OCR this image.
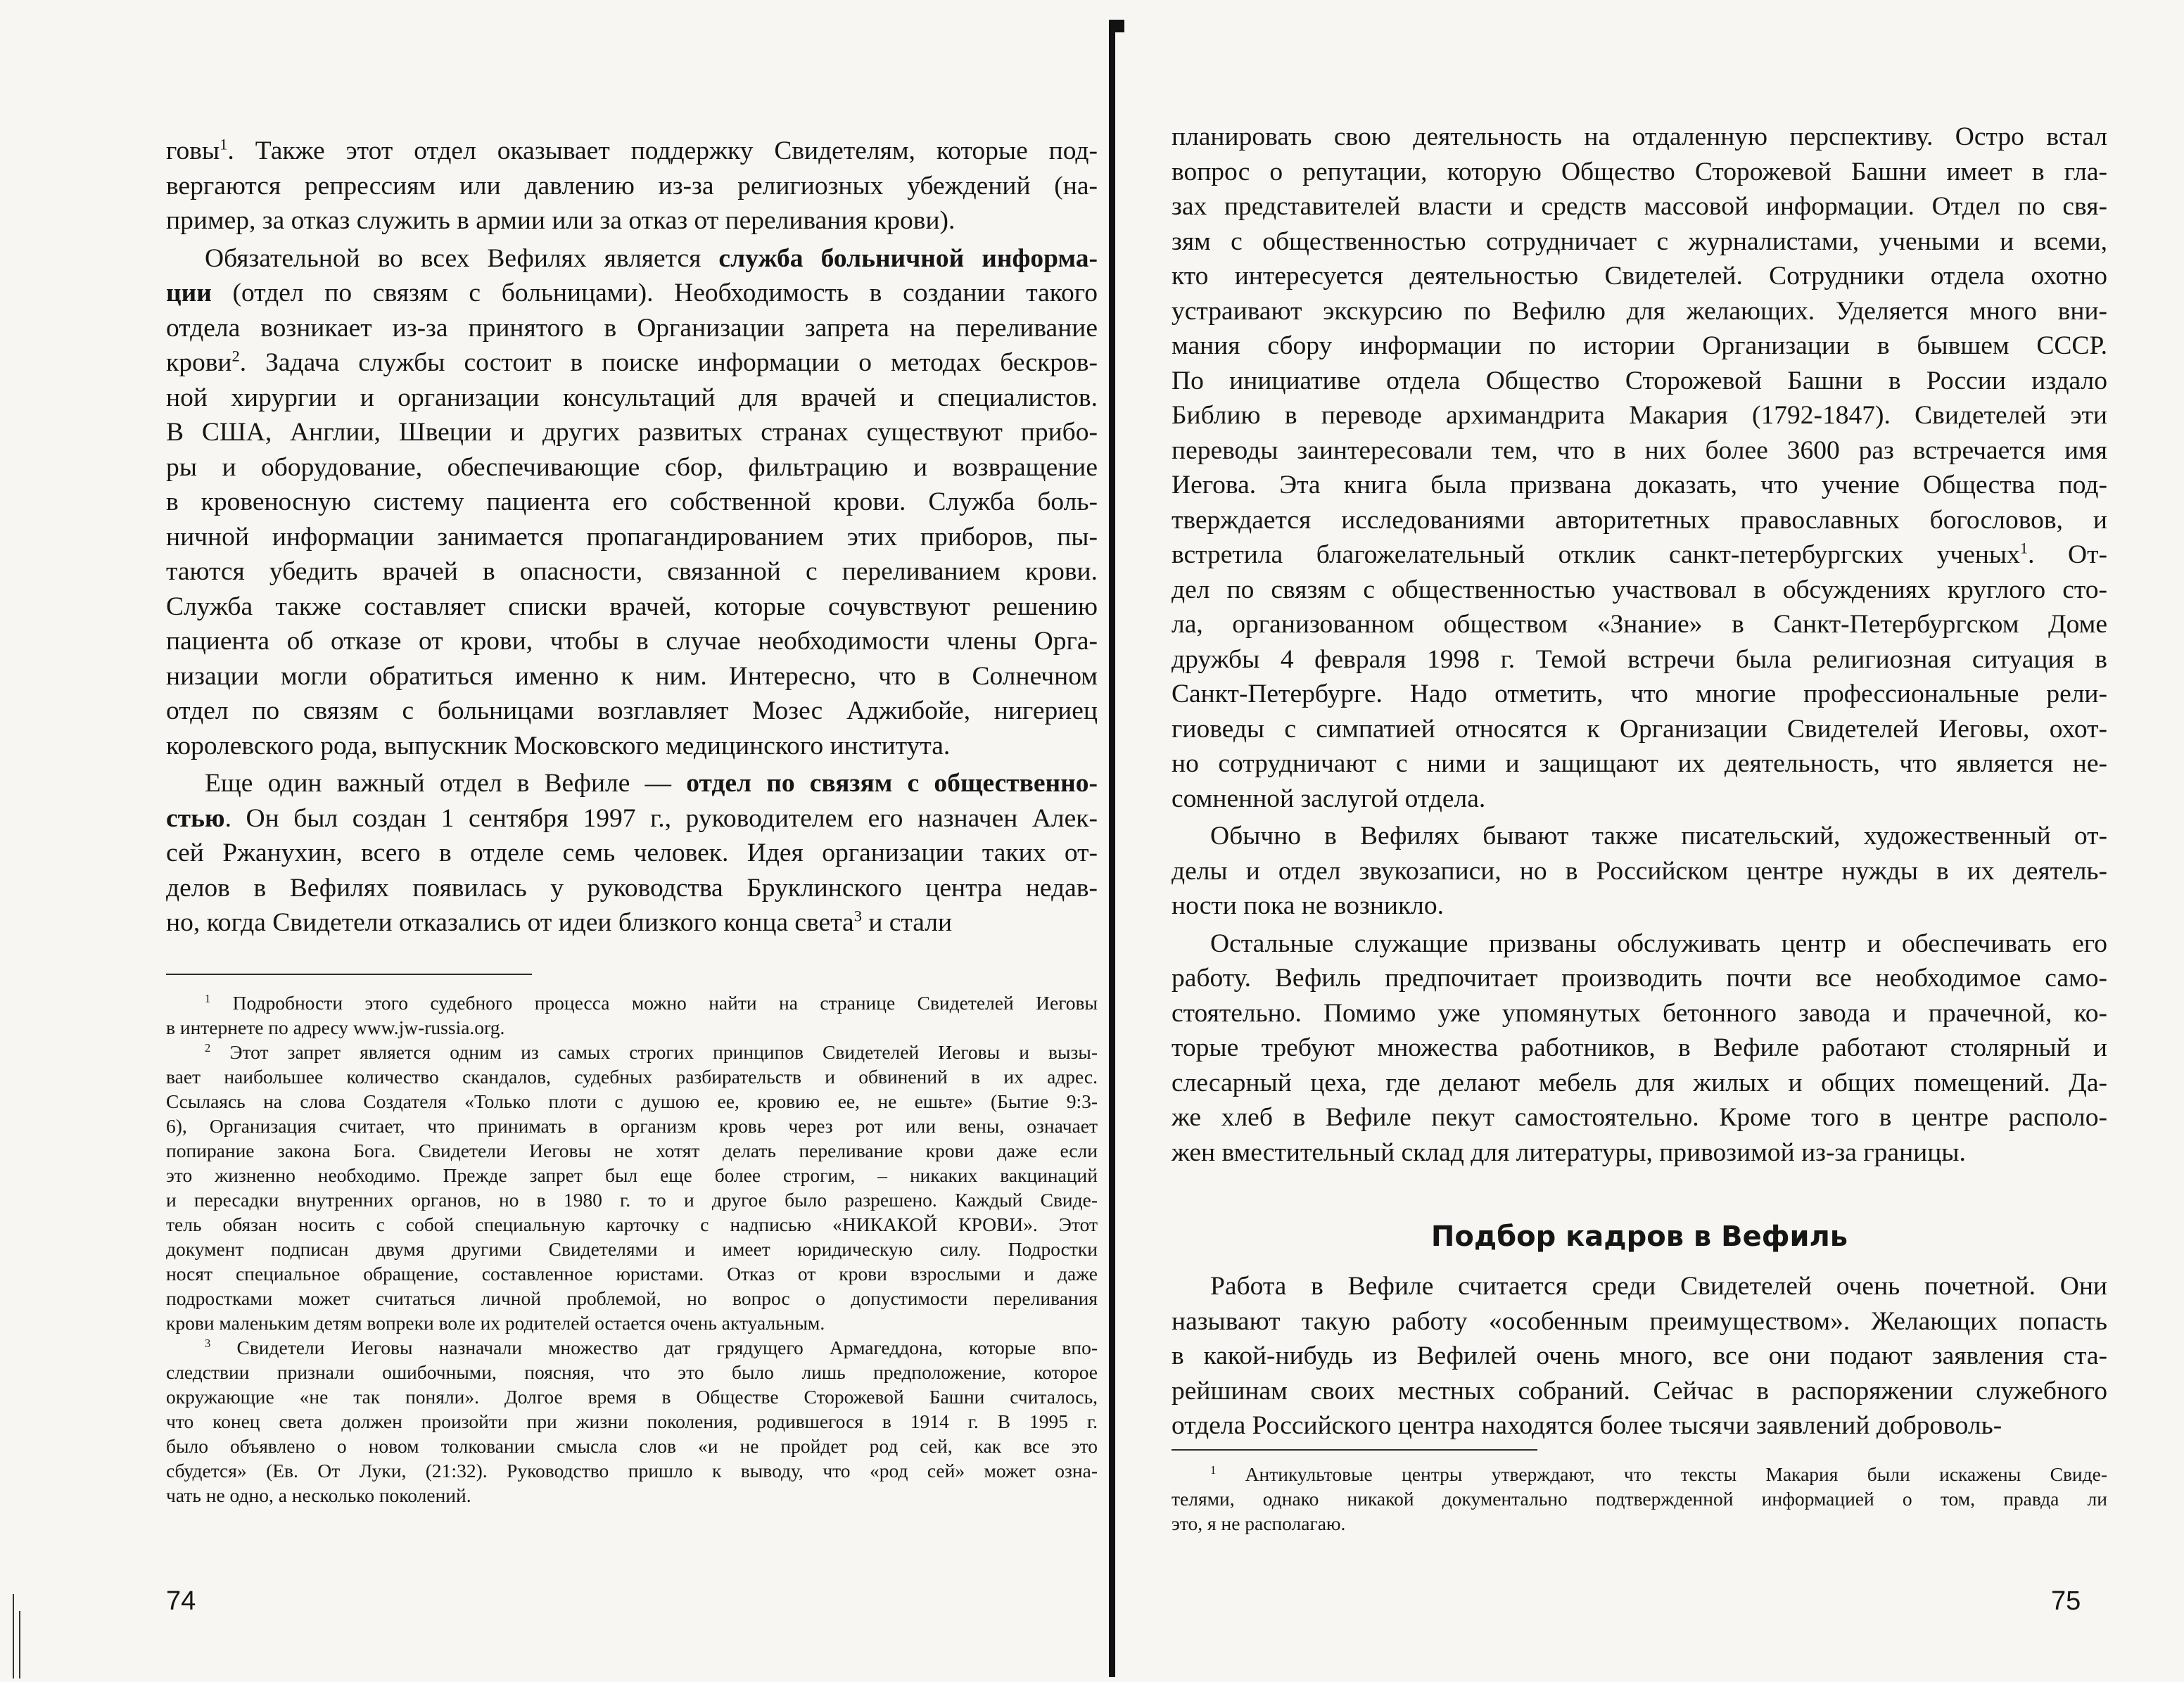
говы$^1$. Также этот отдел оказывает поддержку Свидетелям, которые под-
вергаются репрессиям или давлению из-за религиозных убеждений (на-
пример, за отказ служить в армии или за отказ от переливания крови).
Обязательной во всех Вефилях является служба больничной информа-
ции (отдел по связям с больницами). Необходимость в создании такого
отдела возникает из-за принятого в Организации запрета на переливание
крови$^2$. Задача службы состоит в поиске информации о методах бескров-
ной хирургии и организации консультаций для врачей и специалистов.
В США, Англии, Швеции и других развитых странах существуют прибо-
ры и оборудование, обеспечивающие сбор, фильтрацию и возвращение
в кровеносную систему пациента его собственной крови. Служба боль-
ничной информации занимается пропагандированием этих приборов, пы-
таются убедить врачей в опасности, связанной с переливанием крови.
Служба также составляет списки врачей, которые сочувствуют решению
пациента об отказе от крови, чтобы в случае необходимости члены Орга-
низации могли обратиться именно к ним. Интересно, что в Солнечном
отдел по связям с больницами возглавляет Мозес Аджибойе, нигериец
королевского рода, выпускник Московского медицинского института.
Еще один важный отдел в Вефиле — отдел по связям с общественно-
стью. Он был создан 1 сентября 1997 г., руководителем его назначен Алек-
сей Ржанухин, всего в отделе семь человек. Идея организации таких от-
делов в Вефилях появилась у руководства Бруклинского центра недав-
но, когда Свидетели отказались от идеи близкого конца света$^3$ и стали
$^1$ Подробности этого судебного процесса можно найти на странице Свидетелей Иеговы
в интернете по адресу www.jw-russia.org.
$^2$ Этот запрет является одним из самых строгих принципов Свидетелей Иеговы и вызы-
вает наибольшее количество скандалов, судебных разбирательств и обвинений в их адрес.
Ссылаясь на слова Создателя «Только плоти с душою ее, кровию ее, не ешьте» (Бытие 9:3-
6), Организация считает, что принимать в организм кровь через рот или вены, означает
попирание закона Бога. Свидетели Иеговы не хотят делать переливание крови даже если
это жизненно необходимо. Прежде запрет был еще более строгим, – никаких вакцинаций
и пересадки внутренних органов, но в 1980 г. то и другое было разрешено. Каждый Свиде-
тель обязан носить с собой специальную карточку с надписью «НИКАКОЙ КРОВИ». Этот
документ подписан двумя другими Свидетелями и имеет юридическую силу. Подростки
носят специальное обращение, составленное юристами. Отказ от крови взрослыми и даже
подростками может считаться личной проблемой, но вопрос о допустимости переливания
крови маленьким детям вопреки воле их родителей остается очень актуальным.
$^3$ Свидетели Иеговы назначали множество дат грядущего Армагеддона, которые впо-
следствии признали ошибочными, поясняя, что это было лишь предположение, которое
окружающие «не так поняли». Долгое время в Обществе Сторожевой Башни считалось,
что конец света должен произойти при жизни поколения, родившегося в 1914 г. В 1995 г.
было объявлено о новом толковании смысла слов «и не пройдет род сей, как все это
сбудется» (Ев. От Луки, (21:32). Руководство пришло к выводу, что «род сей» может озна-
чать не одно, а несколько поколений.
74
планировать свою деятельность на отдаленную перспективу. Остро встал
вопрос о репутации, которую Общество Сторожевой Башни имеет в гла-
зах представителей власти и средств массовой информации. Отдел по свя-
зям с общественностью сотрудничает с журналистами, учеными и всеми,
кто интересуется деятельностью Свидетелей. Сотрудники отдела охотно
устраивают экскурсию по Вефилю для желающих. Уделяется много вни-
мания сбору информации по истории Организации в бывшем СССР.
По инициативе отдела Общество Сторожевой Башни в России издало
Библию в переводе архимандрита Макария (1792-1847). Свидетелей эти
переводы заинтересовали тем, что в них более 3600 раз встречается имя
Иегова. Эта книга была призвана доказать, что учение Общества под-
тверждается исследованиями авторитетных православных богословов, и
встретила благожелательный отклик санкт-петербургских ученых$^1$. От-
дел по связям с общественностью участвовал в обсуждениях круглого сто-
ла, организованном обществом «Знание» в Санкт-Петербургском Доме
дружбы 4 февраля 1998 г. Темой встречи была религиозная ситуация в
Санкт-Петербурге. Надо отметить, что многие профессиональные рели-
гиоведы с симпатией относятся к Организации Свидетелей Иеговы, охот-
но сотрудничают с ними и защищают их деятельность, что является не-
сомненной заслугой отдела.
Обычно в Вефилях бывают также писательский, художественный от-
делы и отдел звукозаписи, но в Российском центре нужды в их деятель-
ности пока не возникло.
Остальные служащие призваны обслуживать центр и обеспечивать его
работу. Вефиль предпочитает производить почти все необходимое само-
стоятельно. Помимо уже упомянутых бетонного завода и прачечной, ко-
торые требуют множества работников, в Вефиле работают столярный и
слесарный цеха, где делают мебель для жилых и общих помещений. Да-
же хлеб в Вефиле пекут самостоятельно. Кроме того в центре располо-
жен вместительный склад для литературы, привозимой из-за границы.
Подбор кадров в Вефиль
Работа в Вефиле считается среди Свидетелей очень почетной. Они
называют такую работу «особенным преимуществом». Желающих попасть
в какой-нибудь из Вефилей очень много, все они подают заявления ста-
рейшинам своих местных собраний. Сейчас в распоряжении служебного
отдела Российского центра находятся более тысячи заявлений доброволь-
$^1$ Антикультовые центры утверждают, что тексты Макария были искажены Свиде-
телями, однако никакой документально подтвержденной информацией о том, правда ли
это, я не располагаю.
75
